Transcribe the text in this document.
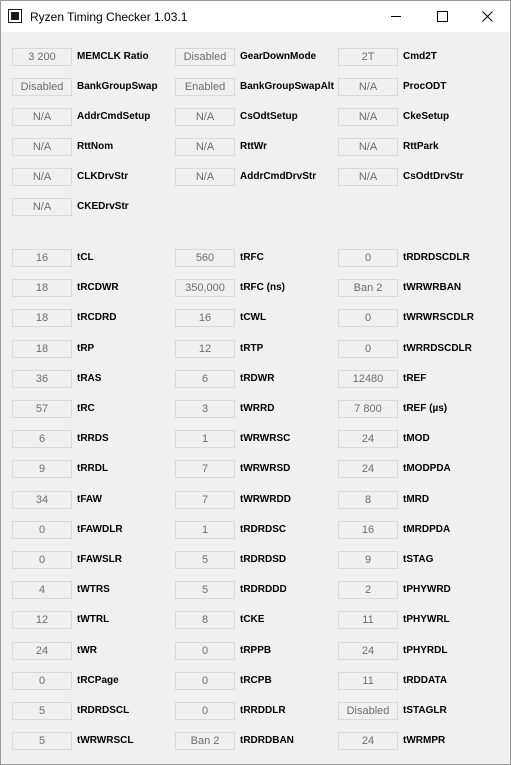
Ryzen Timing Checker 1.03.1
3 200	MEMCLK Ratio	Disabled	GearDownMode	2T	Cmd2T
Disabled	BankGroupSwap	Enabled	BankGroupSwapAlt	N/A	ProcODT
N/A	AddrCmdSetup	N/A	CsOdtSetup	N/A	CkeSetup
N/A	RttNom	N/A	RttWr	N/A	RttPark
N/A	CLKDrvStr	N/A	AddrCmdDrvStr	N/A	CsOdtDrvStr
N/A	CKEDrvStr
16	tCL	560	tRFC	0	tRDRDSCDLR
18	tRCDWR	350,000	tRFC (ns)	Ban 2	tWRWRBAN
18	tRCDRD	16	tCWL	0	tWRWRSCDLR
18	tRP	12	tRTP	0	tWRRDSCDLR
36	tRAS	6	tRDWR	12480	tREF
57	tRC	3	tWRRD	7 800	tREF (µs)
6	tRRDS	1	tWRWRSC	24	tMOD
9	tRRDL	7	tWRWRSD	24	tMODPDA
34	tFAW	7	tWRWRDD	8	tMRD
0	tFAWDLR	1	tRDRDSC	16	tMRDPDA
0	tFAWSLR	5	tRDRDSD	9	tSTAG
4	tWTRS	5	tRDRDDD	2	tPHYWRD
12	tWTRL	8	tCKE	11	tPHYWRL
24	tWR	0	tRPPB	24	tPHYRDL
0	tRCPage	0	tRCPB	11	tRDDATA
5	tRDRDSCL	0	tRRDDLR	Disabled	tSTAGLR
5	tWRWRSCL	Ban 2	tRDRDBAN	24	tWRMPR
